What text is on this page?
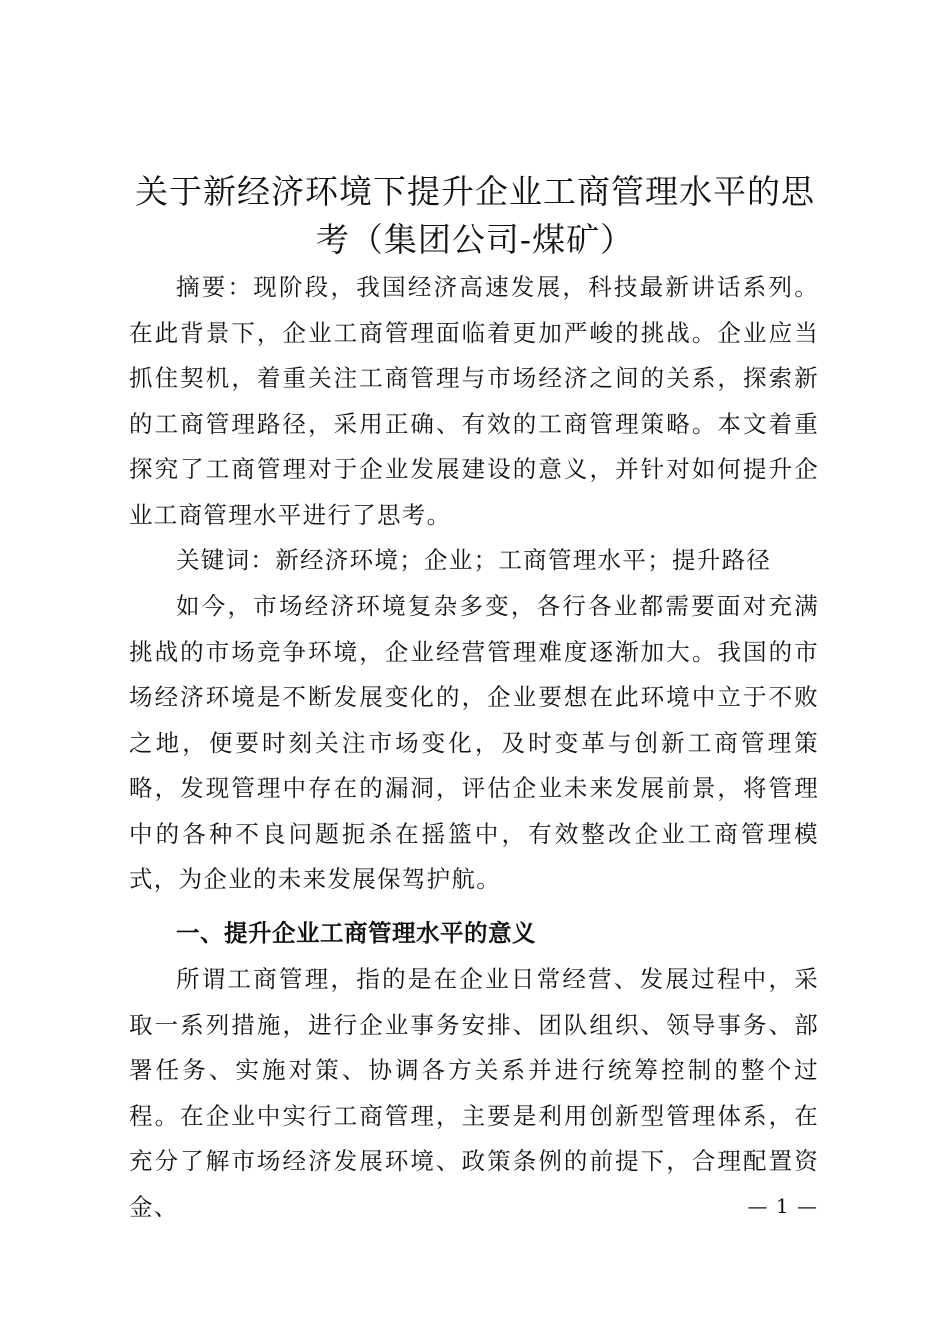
关于新经济环境下提升企业工商管理水平的思考（集团公司-煤矿）

摘要：现阶段，我国经济高速发展，科技最新讲话系列。在此背景下，企业工商管理面临着更加严峻的挑战。企业应当抓住契机，着重关注工商管理与市场经济之间的关系，探索新的工商管理路径，采用正确、有效的工商管理策略。本文着重探究了工商管理对于企业发展建设的意义，并针对如何提升企业工商管理水平进行了思考。

关键词：新经济环境；企业；工商管理水平；提升路径

如今，市场经济环境复杂多变，各行各业都需要面对充满挑战的市场竞争环境，企业经营管理难度逐渐加大。我国的市场经济环境是不断发展变化的，企业要想在此环境中立于不败之地，便要时刻关注市场变化，及时变革与创新工商管理策略，发现管理中存在的漏洞，评估企业未来发展前景，将管理中的各种不良问题扼杀在摇篮中，有效整改企业工商管理模式，为企业的未来发展保驾护航。

一、提升企业工商管理水平的意义

所谓工商管理，指的是在企业日常经营、发展过程中，采取一系列措施，进行企业事务安排、团队组织、领导事务、部署任务、实施对策、协调各方关系并进行统筹控制的整个过程。在企业中实行工商管理，主要是利用创新型管理体系，在充分了解市场经济发展环境、政策条例的前提下，合理配置资金、	— 1 —
